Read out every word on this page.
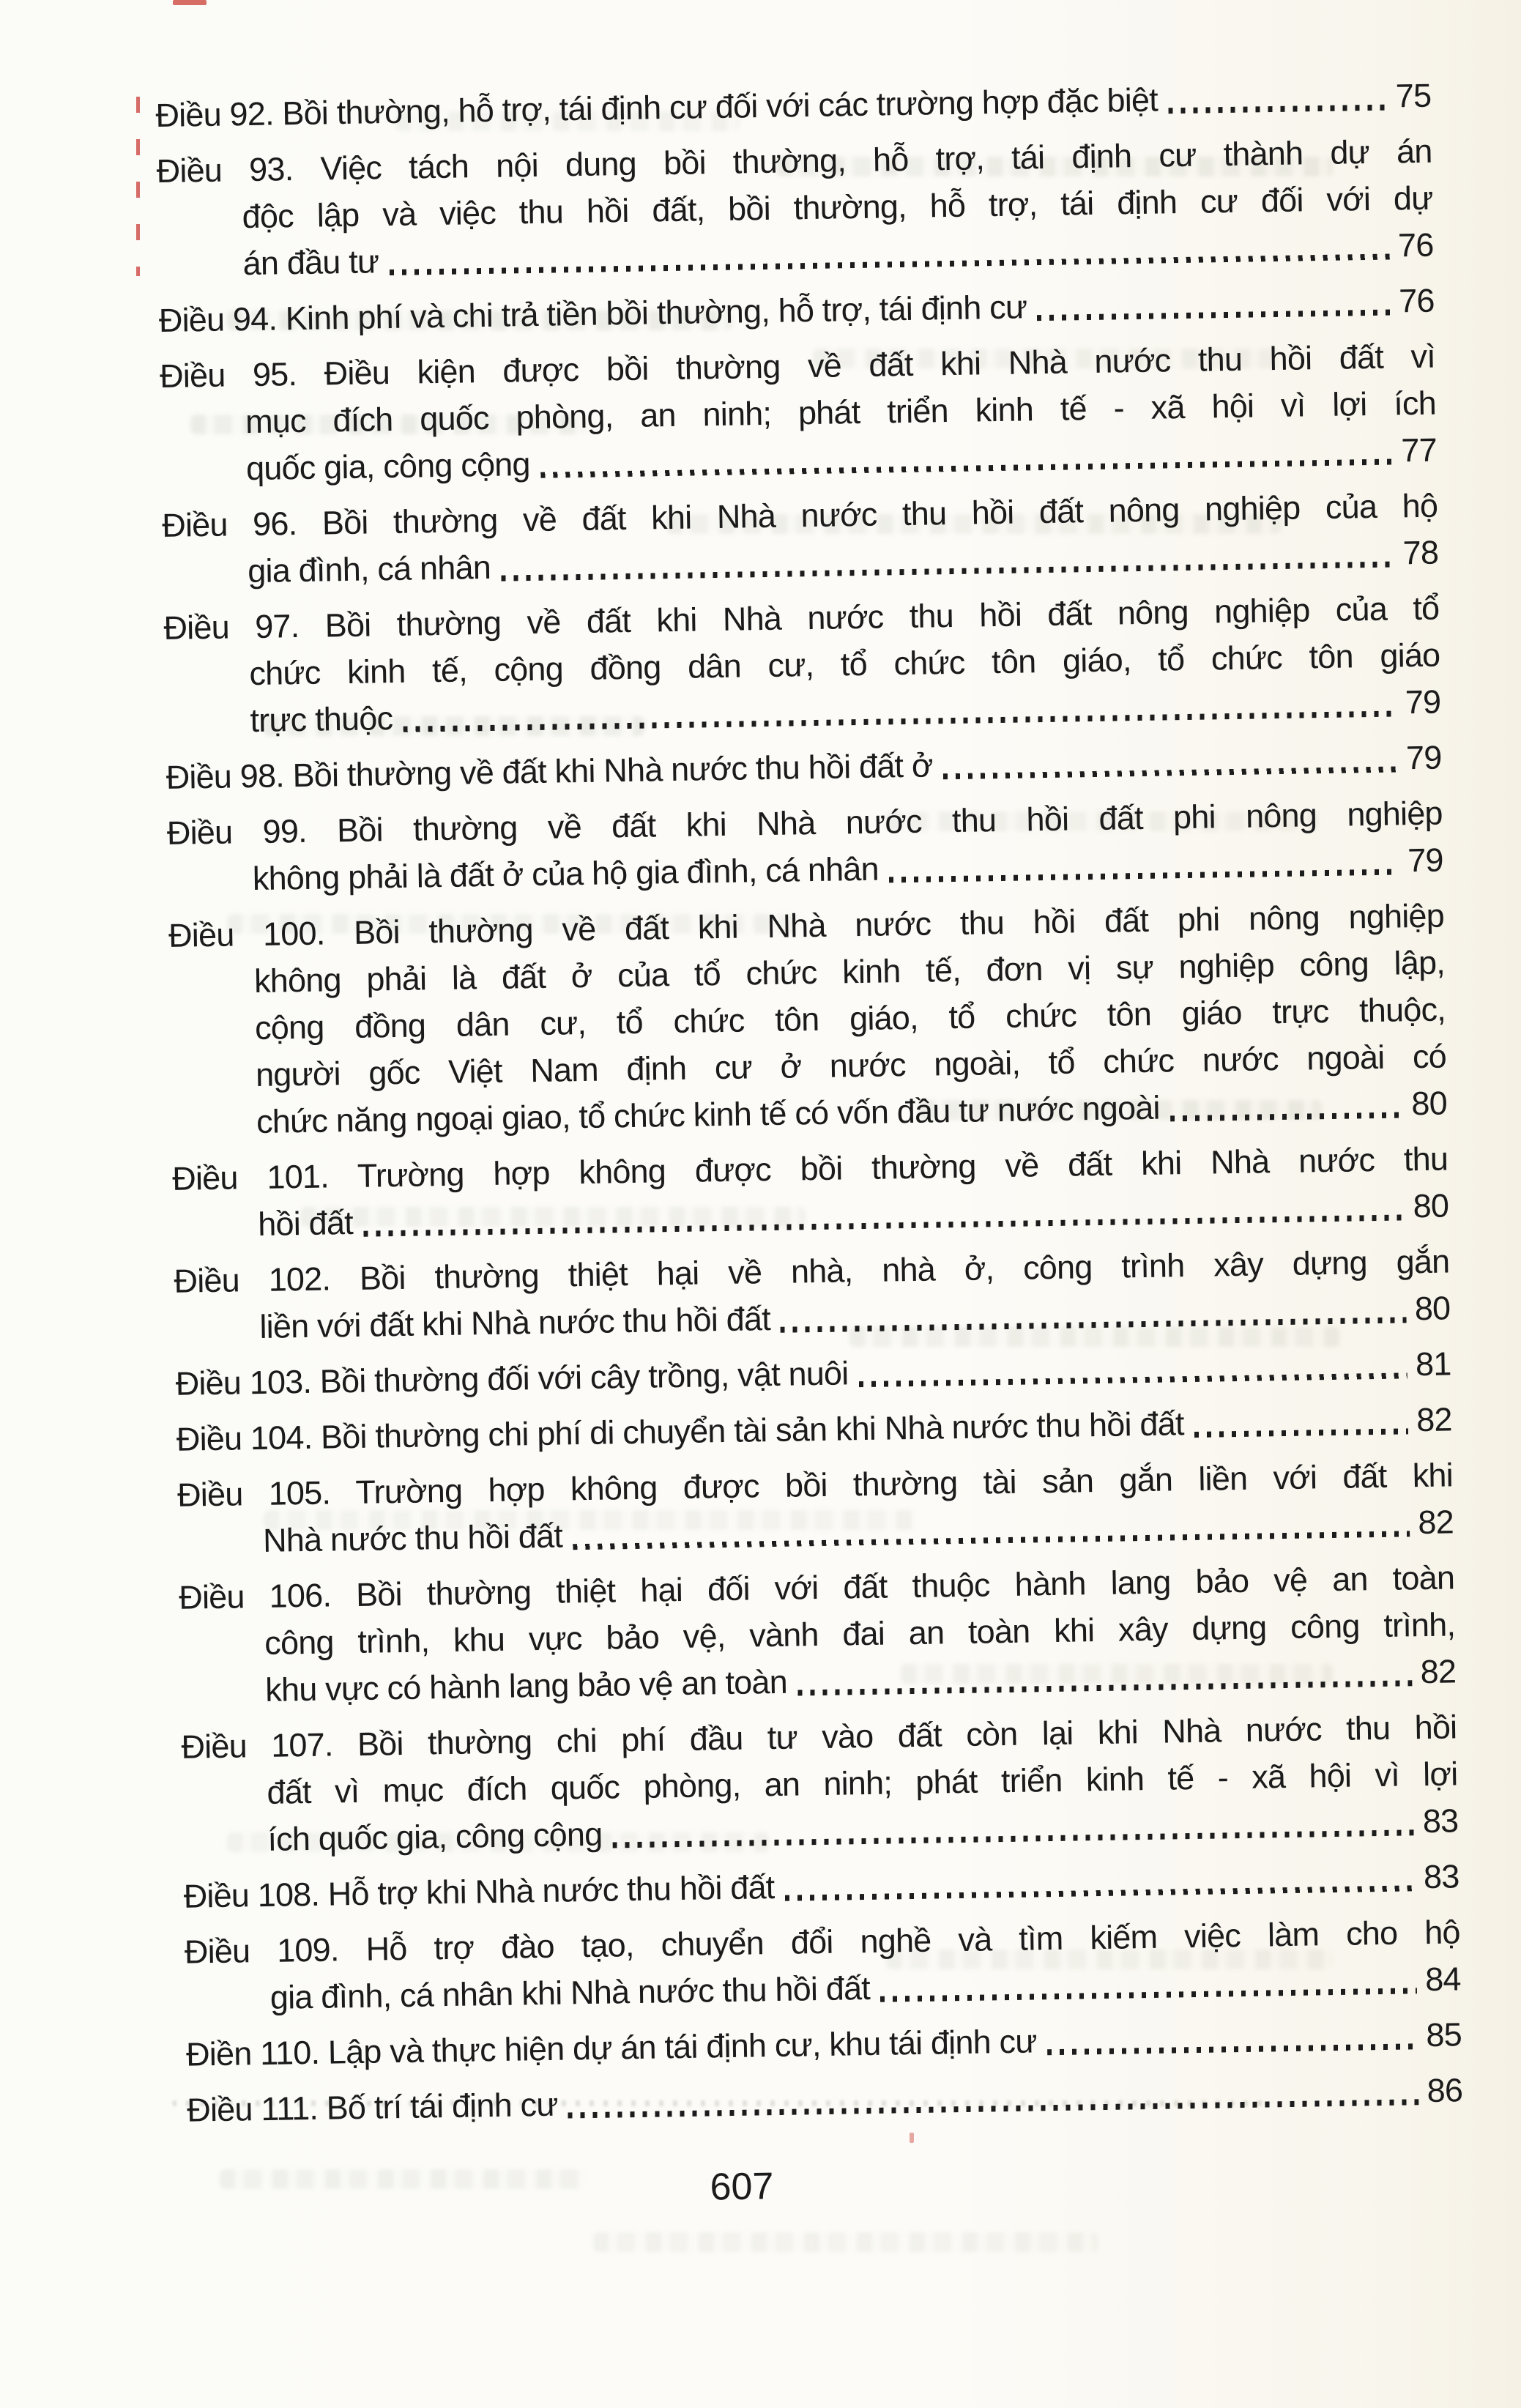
Điều 92. Bồi thường, hỗ trợ, tái định cư đối với các trường hợp đặc biệt	75
Điều 93. Việc tách nội dung bồi thường, hỗ trợ, tái định cư thành dự án
độc lập và việc thu hồi đất, bồi thường, hỗ trợ, tái định cư đối với dự
án đầu tư	76
Điều 94. Kinh phí và chi trả tiền bồi thường, hỗ trợ, tái định cư	76
Điều 95. Điều kiện được bồi thường về đất khi Nhà nước thu hồi đất vì
mục đích quốc phòng, an ninh; phát triển kinh tế - xã hội vì lợi ích
quốc gia, công cộng	77
Điều 96. Bồi thường về đất khi Nhà nước thu hồi đất nông nghiệp của hộ
gia đình, cá nhân	78
Điều 97. Bồi thường về đất khi Nhà nước thu hồi đất nông nghiệp của tổ
chức kinh tế, cộng đồng dân cư, tổ chức tôn giáo, tổ chức tôn giáo
trực thuộc	79
Điều 98. Bồi thường về đất khi Nhà nước thu hồi đất ở	79
Điều 99. Bồi thường về đất khi Nhà nước thu hồi đất phi nông nghiệp
không phải là đất ở của hộ gia đình, cá nhân	79
Điều 100. Bồi thường về đất khi Nhà nước thu hồi đất phi nông nghiệp
không phải là đất ở của tổ chức kinh tế, đơn vị sự nghiệp công lập,
cộng đồng dân cư, tổ chức tôn giáo, tổ chức tôn giáo trực thuộc,
người gốc Việt Nam định cư ở nước ngoài, tổ chức nước ngoài có
chức năng ngoại giao, tổ chức kinh tế có vốn đầu tư nước ngoài	80
Điều 101. Trường hợp không được bồi thường về đất khi Nhà nước thu
hồi đất	80
Điều 102. Bồi thường thiệt hại về nhà, nhà ở, công trình xây dựng gắn
liền với đất khi Nhà nước thu hồi đất	80
Điều 103. Bồi thường đối với cây trồng, vật nuôi	81
Điều 104. Bồi thường chi phí di chuyển tài sản khi Nhà nước thu hồi đất	82
Điều 105. Trường hợp không được bồi thường tài sản gắn liền với đất khi
Nhà nước thu hồi đất	82
Điều 106. Bồi thường thiệt hại đối với đất thuộc hành lang bảo vệ an toàn
công trình, khu vực bảo vệ, vành đai an toàn khi xây dựng công trình,
khu vực có hành lang bảo vệ an toàn	82
Điều 107. Bồi thường chi phí đầu tư vào đất còn lại khi Nhà nước thu hồi
đất vì mục đích quốc phòng, an ninh; phát triển kinh tế - xã hội vì lợi
ích quốc gia, công cộng	83
Điều 108. Hỗ trợ khi Nhà nước thu hồi đất	83
Điều 109. Hỗ trợ đào tạo, chuyển đổi nghề và tìm kiếm việc làm cho hộ
gia đình, cá nhân khi Nhà nước thu hồi đất	84
Điền 110. Lập và thực hiện dự án tái định cư, khu tái định cư	85
Điều 111. Bố trí tái định cư	86
607
